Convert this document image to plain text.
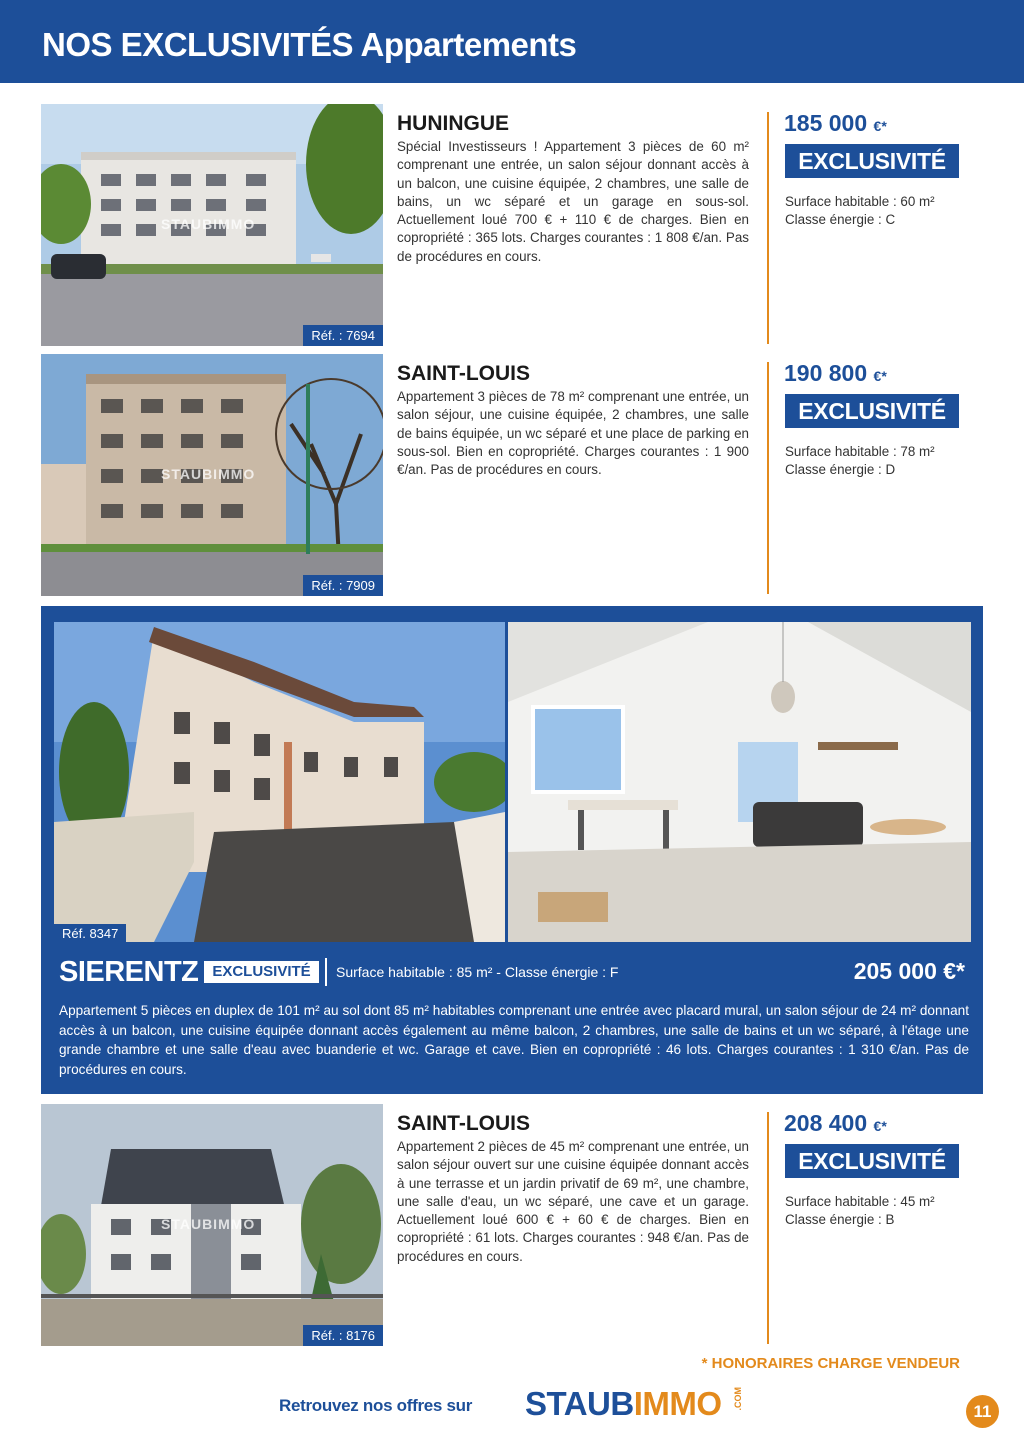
NOS EXCLUSIVITÉS Appartements
STAUBIMMO
Réf. : 7694
HUNINGUE
Spécial Investisseurs ! Appartement 3 pièces de 60 m² comprenant une entrée, un salon séjour donnant accès à un balcon, une cuisine équipée, 2 chambres, une salle de bains, un wc séparé et un garage en sous-sol. Actuellement loué 700 € + 110 € de charges. Bien en copropriété : 365 lots. Charges courantes : 1 808 €/an. Pas de procédures en cours.
185 000 €*
EXCLUSIVITÉ
Surface habitable : 60 m²
Classe énergie : C
STAUBIMMO
Réf. : 7909
SAINT-LOUIS
Appartement 3 pièces de 78 m² comprenant une entrée, un salon séjour, une cuisine équipée, 2 chambres, une salle de bains équipée, un wc séparé et une place de parking en sous-sol. Bien en copropriété. Charges courantes : 1 900 €/an. Pas de procédures en cours.
190 800 €*
EXCLUSIVITÉ
Surface habitable : 78 m²
Classe énergie : D
Réf. 8347
SIERENTZ EXCLUSIVITÉ	Surface habitable : 85 m² - Classe énergie : F	205 000 €*
Appartement 5 pièces en duplex de 101 m² au sol dont 85 m² habitables comprenant une entrée avec placard mural, un salon séjour de 24 m² donnant accès à un balcon, une cuisine équipée donnant accès également au même balcon, 2 chambres, une salle de bains et un wc séparé, à l'étage une grande chambre et une salle d'eau avec buanderie et wc. Garage et cave. Bien en copropriété : 46 lots. Charges courantes : 1 310 €/an. Pas de procédures en cours.
STAUBIMMO
Réf. : 8176
SAINT-LOUIS
Appartement 2 pièces de 45 m² comprenant une entrée, un salon séjour ouvert sur une cuisine équipée donnant accès à une terrasse et un jardin privatif de 69 m², une chambre, une salle d'eau, un wc séparé, une cave et un garage. Actuellement loué 600 € + 60 € de charges. Bien en copropriété : 61 lots. Charges courantes : 948 €/an. Pas de procédures en cours.
208 400 €*
EXCLUSIVITÉ
Surface habitable : 45 m²
Classe énergie : B
* HONORAIRES CHARGE VENDEUR
Retrouvez nos offres sur STAUBIMMO .COM
11
